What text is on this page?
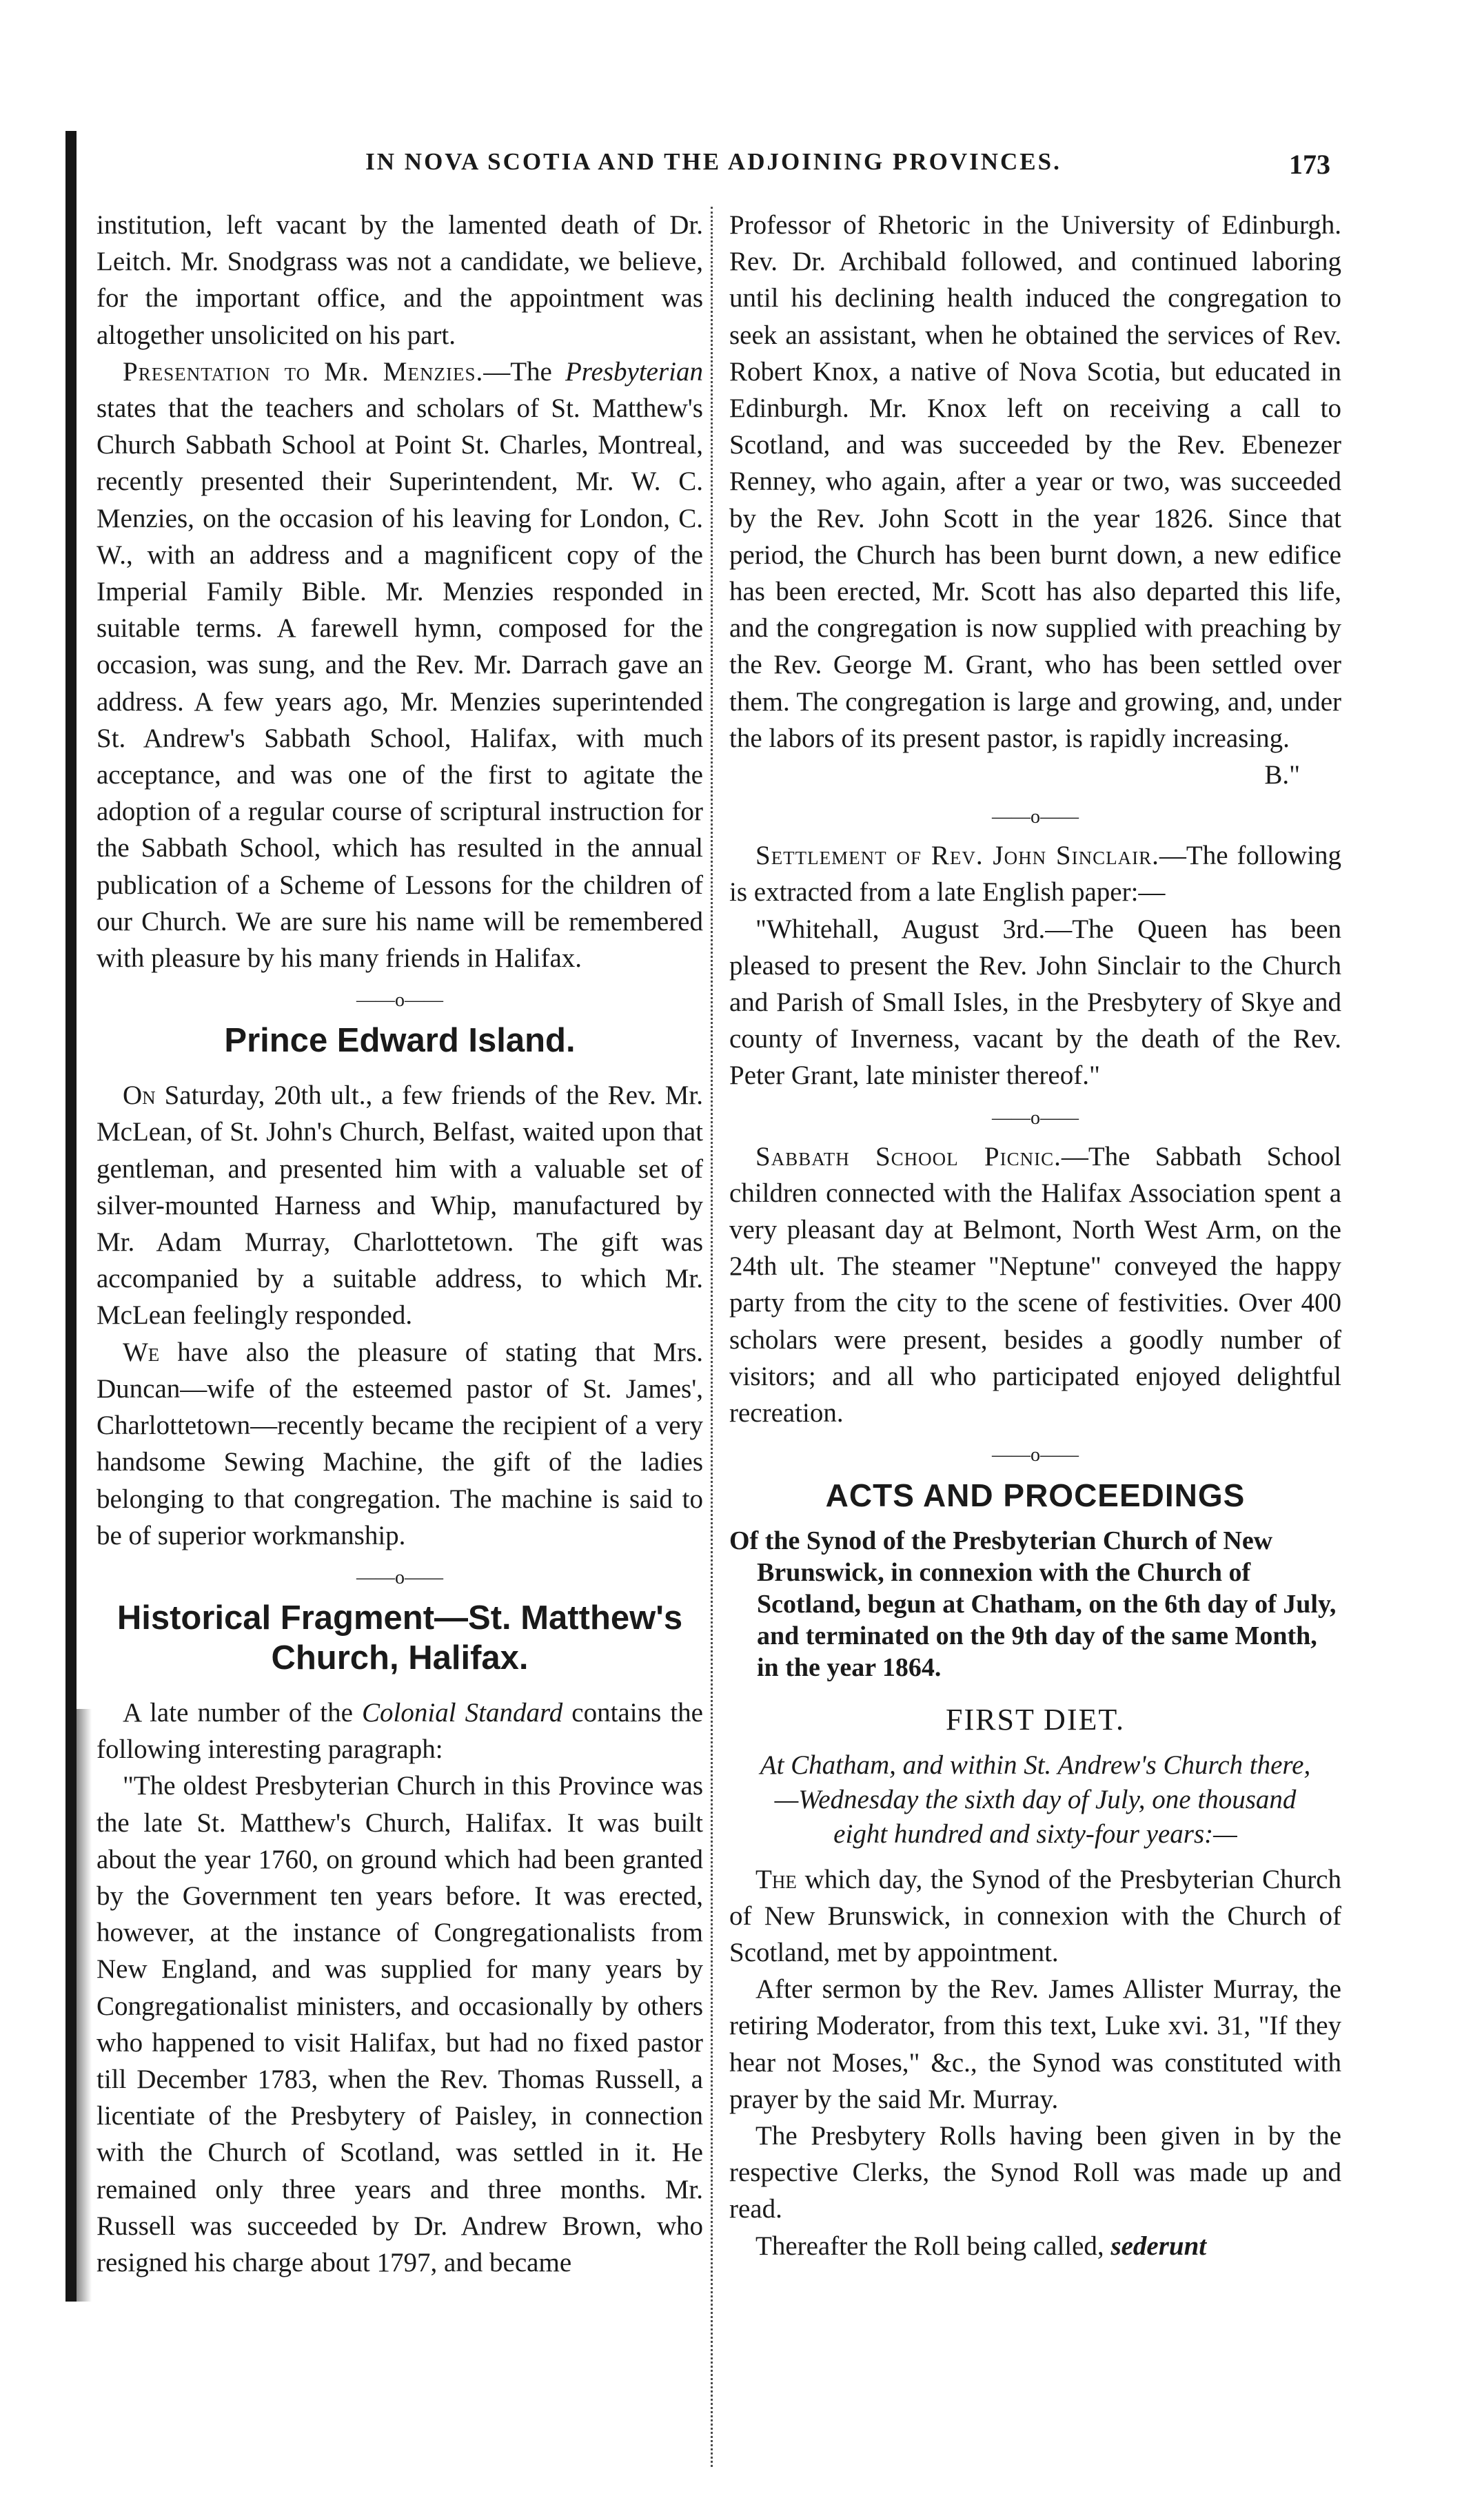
IN NOVA SCOTIA AND THE ADJOINING PROVINCES.	173

institution, left vacant by the lamented death of Dr. Leitch. Mr. Snodgrass was not a candidate, we believe, for the important office, and the appointment was altogether unsolicited on his part.

Presentation to Mr. Menzies.—The Presbyterian states that the teachers and scholars of St. Matthew's Church Sabbath School at Point St. Charles, Montreal, recently presented their Superintendent, Mr. W. C. Menzies, on the occasion of his leaving for London, C. W., with an address and a magnificent copy of the Imperial Family Bible. Mr. Menzies responded in suitable terms. A farewell hymn, composed for the occasion, was sung, and the Rev. Mr. Darrach gave an address. A few years ago, Mr. Menzies superintended St. Andrew's Sabbath School, Halifax, with much acceptance, and was one of the first to agitate the adoption of a regular course of scriptural instruction for the Sabbath School, which has resulted in the annual publication of a Scheme of Lessons for the children of our Church. We are sure his name will be remembered with pleasure by his many friends in Halifax.

——o——
Prince Edward Island.

On Saturday, 20th ult., a few friends of the Rev. Mr. McLean, of St. John's Church, Belfast, waited upon that gentleman, and presented him with a valuable set of silver-mounted Harness and Whip, manufactured by Mr. Adam Murray, Charlottetown. The gift was accompanied by a suitable address, to which Mr. McLean feelingly responded.

We have also the pleasure of stating that Mrs. Duncan—wife of the esteemed pastor of St. James', Charlottetown—recently became the recipient of a very handsome Sewing Machine, the gift of the ladies belonging to that congregation. The machine is said to be of superior workmanship.

——o——
Historical Fragment—St. Matthew's Church, Halifax.

A late number of the Colonial Standard contains the following interesting paragraph:

"The oldest Presbyterian Church in this Province was the late St. Matthew's Church, Halifax. It was built about the year 1760, on ground which had been granted by the Government ten years before. It was erected, however, at the instance of Congregationalists from New England, and was supplied for many years by Congregationalist ministers, and occasionally by others who happened to visit Halifax, but had no fixed pastor till December 1783, when the Rev. Thomas Russell, a licentiate of the Presbytery of Paisley, in connection with the Church of Scotland, was settled in it. He remained only three years and three months. Mr. Russell was succeeded by Dr. Andrew Brown, who resigned his charge about 1797, and became

Professor of Rhetoric in the University of Edinburgh. Rev. Dr. Archibald followed, and continued laboring until his declining health induced the congregation to seek an assistant, when he obtained the services of Rev. Robert Knox, a native of Nova Scotia, but educated in Edinburgh. Mr. Knox left on receiving a call to Scotland, and was succeeded by the Rev. Ebenezer Renney, who again, after a year or two, was succeeded by the Rev. John Scott in the year 1826. Since that period, the Church has been burnt down, a new edifice has been erected, Mr. Scott has also departed this life, and the congregation is now supplied with preaching by the Rev. George M. Grant, who has been settled over them. The congregation is large and growing, and, under the labors of its present pastor, is rapidly increasing.
B."

——o——

Settlement of Rev. John Sinclair.—The following is extracted from a late English paper:—

"Whitehall, August 3rd.—The Queen has been pleased to present the Rev. John Sinclair to the Church and Parish of Small Isles, in the Presbytery of Skye and county of Inverness, vacant by the death of the Rev. Peter Grant, late minister thereof."

——o——

Sabbath School Picnic.—The Sabbath School children connected with the Halifax Association spent a very pleasant day at Belmont, North West Arm, on the 24th ult. The steamer "Neptune" conveyed the happy party from the city to the scene of festivities. Over 400 scholars were present, besides a goodly number of visitors; and all who participated enjoyed delightful recreation.

——o——
ACTS AND PROCEEDINGS
Of the Synod of the Presbyterian Church of New Brunswick, in connexion with the Church of Scotland, begun at Chatham, on the 6th day of July, and terminated on the 9th day of the same Month, in the year 1864.
FIRST DIET.
At Chatham, and within St. Andrew's Church there,—Wednesday the sixth day of July, one thousand eight hundred and sixty-four years:—

The which day, the Synod of the Presbyterian Church of New Brunswick, in connexion with the Church of Scotland, met by appointment.

After sermon by the Rev. James Allister Murray, the retiring Moderator, from this text, Luke xvi. 31, "If they hear not Moses," &c., the Synod was constituted with prayer by the said Mr. Murray.

The Presbytery Rolls having been given in by the respective Clerks, the Synod Roll was made up and read.

Thereafter the Roll being called, sederunt
